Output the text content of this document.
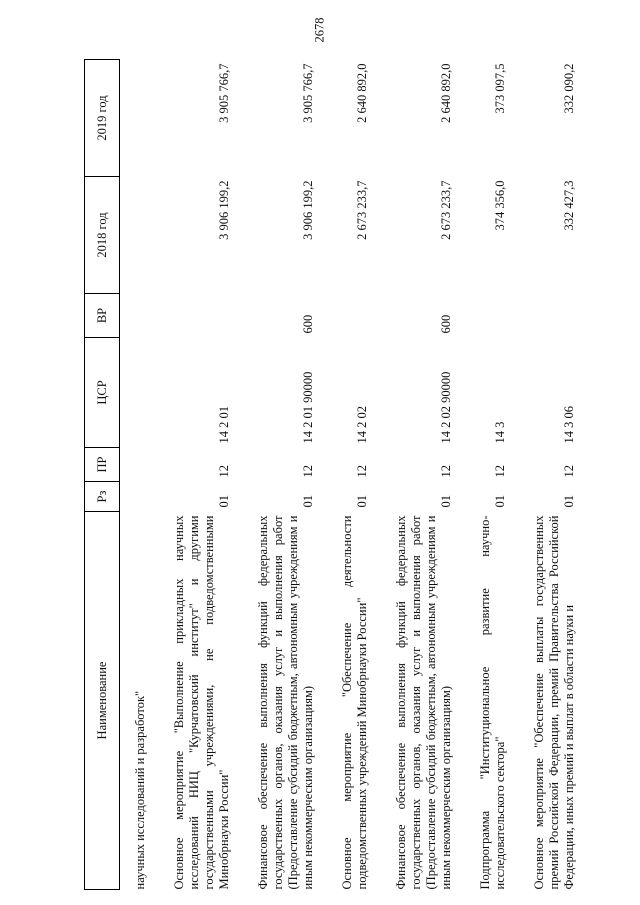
2678
Наименование	Рз	ПР	ЦСР	ВР	2018 год	2019 год
научных исследований и разработок"						
Основное мероприятие "Выполнение прикладных научных исследований НИЦ "Курчатовский институт" и другими государственными учреждениями, не подведомственными Минобрнауки России"	01	12	14 2 01		3 906 199,2	3 905 766,7
Финансовое обеспечение выполнения функций федеральных государственных органов, оказания услуг и выполнения работ (Предоставление субсидий бюджетным, автономным учреждениям и иным некоммерческим организациям)	01	12	14 2 01 90000	600	3 906 199,2	3 905 766,7
Основное мероприятие "Обеспечение деятельности подведомственных учреждений Минобрнауки России"	01	12	14 2 02		2 673 233,7	2 640 892,0
Финансовое обеспечение выполнения функций федеральных государственных органов, оказания услуг и выполнения работ (Предоставление субсидий бюджетным, автономным учреждениям и иным некоммерческим организациям)	01	12	14 2 02 90000	600	2 673 233,7	2 640 892,0
Подпрограмма "Институциональное развитие научно-исследовательского сектора"	01	12	14 3		374 356,0	373 097,5
Основное мероприятие "Обеспечение выплаты государственных премий Российской Федерации, премий Правительства Российской Федерации, иных премий и выплат в области науки и	01	12	14 3 06		332 427,3	332 090,2
